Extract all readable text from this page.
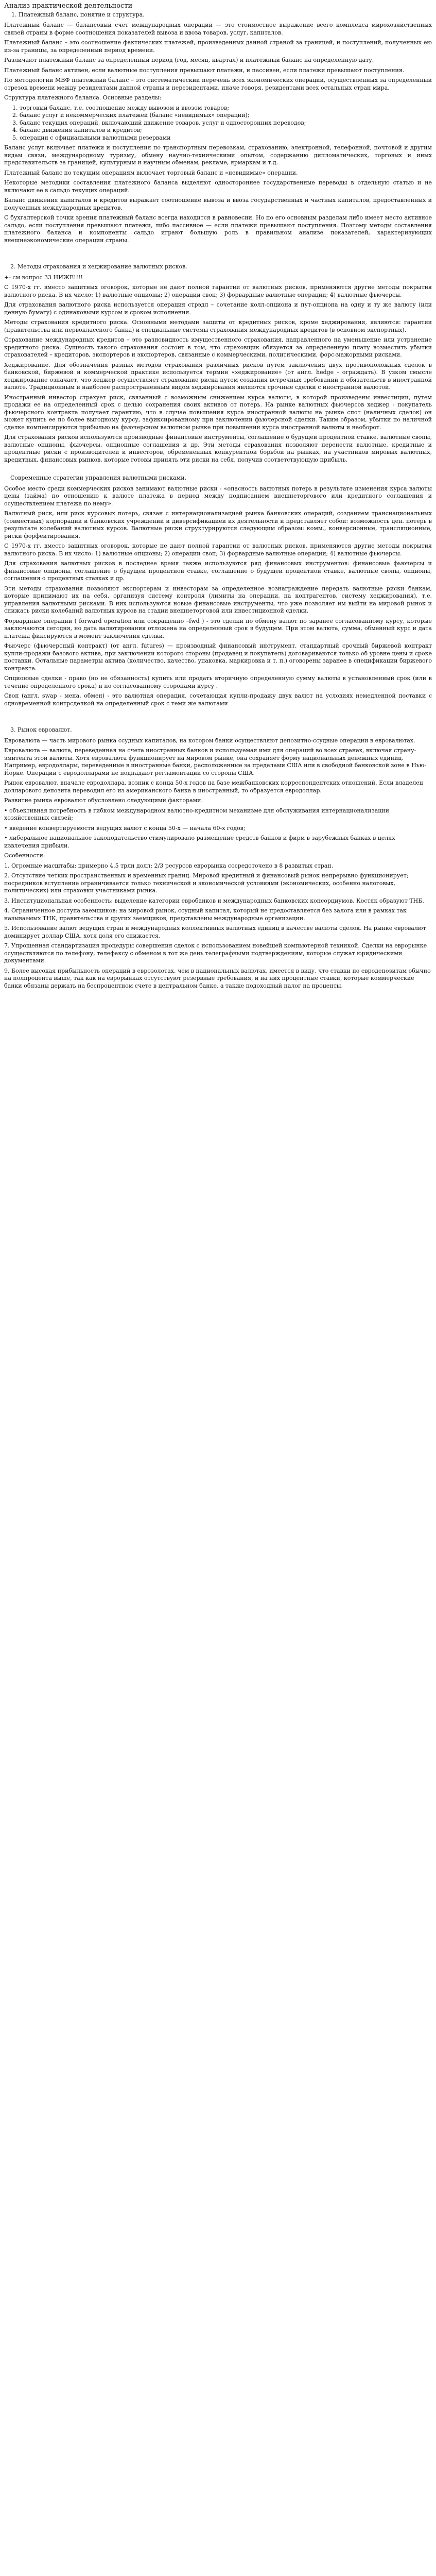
Анализ практической деятельности
1. Платежный баланс, понятие и структура.

Платежный баланс — балансовый счет международных операций — это стоимостное выражение всего комплекса мирохозяйственных связей страны в форме соотношения показателей вывоза и ввоза товаров, услуг, капиталов.

Платежный баланс – это соотношение фактических платежей, произведенных данной страной за границей, и поступлений, полученных ею из-за границы, за определенный период времени.

Различают платежный баланс за определенный период (год, месяц, квартал) и платежный баланс на определенную дату.

Платежный баланс активен, если валютные поступления превышают платежи, и пассивен, если платежи превышают поступления.

По методологии МВФ платежный баланс – это систематический перечень всех экономических операций, осуществленных за определенный отрезок времени между резидентами данной страны и нерезидентами, иначе говоря, резидентами всех остальных стран мира.

Структура платежного баланса. Основные разделы:

1. торговый баланс, т.е. соотношение между вывозом и ввозом товаров;
2. баланс услуг и некоммерческих платежей (баланс «невидимых» операций);
3. баланс текущих операций, включающий движение товаров, услуг и односторонних переводов;
4. баланс движения капиталов и кредитов;
5. операции с официальными валютными резервами

Баланс услуг включает платежи и поступления по транспортным перевозкам, страхованию, электронной, телефонной, почтовой и другим видам связи, международному туризму, обмену научно-техническими опытом, содержанию дипломатических, торговых и иных представительств за границей, культурным и научным обменам, рекламе, ярмаркам и т.д.

Платежный баланс по текущим операциям включает торговый баланс и «невидимые» операции.

Некоторые методики составления платежного баланса выделяют одностороннее государственные переводы в отдельную статью и не включают ее в сальдо текущих операций.

Баланс движения капиталов и кредитов выражает соотношение вывоза и ввоза государственных и частных капиталов, предоставленных и полученных международных кредитов.

С бухгалтерской точки зрения платежный баланс всегда находится в равновесии. Но по его основным разделам либо имеет место активное сальдо, если поступления превышают платежи, либо пассивное — если платежи превышают поступления. Поэтому методы составления платежного баланса и компоненты сальдо играют большую роль в правильном анализе показателей, характеризующих внешнеэкономические операции страны.

2. Методы страхования и хеджирование валютных рисков.

+- см вопрос 33 НИЖЕ!!!!

С 1970-х гг. вместо защитных оговорок, которые не дают полной гарантии от валютных рисков, применяются другие методы покрытия валютного риска. В их число: 1) валютные опционы; 2) операции своп; 3) форвардные валютные операции; 4) валютные фьючерсы.

Для страхования валютного риска используется операция стрэдл – сочетание колл-опциона и пут-опциона на одну и ту же валюту (или ценную бумагу) с одинаковыми курсом и сроком исполнения.

Методы страхования кредитного риска. Основными методами защиты от кредитных рисков, кроме хеджирования, являются: гарантии (правительства или первоклассного банка) и специальные системы страхования международных кредитов (в основном экспортных).

Страхование международных кредитов – это разновидность имущественного страхования, направленного на уменьшение или устранение кредитного риска. Сущность такого страхования состоит в том, что страховщик обязуется за определенную плату возместить убытки страхователей – кредиторов, экспортеров и экспортеров, связанные с коммерческими, политическими, форс-мажорными рисками.

Хеджирование. Для обозначения разных методов страхования различных рисков путем заключения двух противоположных сделок в банковской, биржевой и коммерческой практике используется термин «хеджирование» (от англ. hedge - ограждать). В узком смысле хеджирование означает, что хеджер осуществляет страхование риска путем создания встречных требований и обязательств в иностранной валюте. Традиционным и наиболее распространенным видом хеджирования являются срочные сделки с иностранной валютой.

Иностранный инвестор страхует риск, связанный с возможным снижением курса валюты, в которой произведены инвестиции, путем продажи ее на определенный срок с целью сохранения своих активов от потерь. На рынке валютных фьючерсов хеджер - покупатель фьючерсного контракта получает гарантию, что в случае повышения курса иностранной валюты на рынке спот (наличных сделок) он может купить ее по более выгодному курсу, зафиксированному при заключении фьючерсной сделки. Таким образом, убытки по наличной сделке компенсируются прибылью на фьючерсном валютном рынке при повышении курса иностранной валюты и наоборот.

Для страхования рисков используются производные финансовые инструменты, соглашение о будущей процентной ставке, валютные свопы, валютные опционы, фьючерсы, опционные соглашения и др. Эти методы страхования позволяют перенести валютные, кредитные и процентные риски с производителей и инвесторов, обремененных конкурентной борьбой на рынках, на участников мировых валютных, кредитных, финансовых рынков, которые готовы принять эти риски на себя, получив соответствующую прибыль.

Современные стратегии управления валютными рисками.

Особое место среди коммерческих рисков занимают валютные риски - «опасность валютных потерь в результате изменения курса валюты цены (займа) по отношению к валюте платежа в период между подписанием внешнеторгового или кредитного соглашения и осуществлением платежа по нему».

Валютный риск, или риск курсовых потерь, связан с интернационализацией рынка банковских операций, созданием транснациональных (совместных) корпораций и банковских учреждений и диверсификацией их деятельности и представляет собой: возможность ден. потерь в результате колебаний валютных курсов. Валютные риски структурируются следующим образом: комм., конверсионные, трансляционные, риски форфейтирования.

С 1970-х гг. вместо защитных оговорок, которые не дают полной гарантии от валютных рисков, применяются другие методы покрытия валютного риска. В их число: 1) валютные опционы; 2) операции своп; 3) форвардные валютные операции; 4) валютные фьючерсы.

Для страхования валютных рисков в последнее время также используются ряд финансовых инструментов: финансовые фьючерсы и финансовые опционы, соглашение о будущей процентной ставке, соглашение о будущей процентной ставке, валютные свопы, опционы, соглашения о процентных ставках и др.

Эти методы страхования позволяют экспортерам и инвесторам за определенное вознаграждение передать валютные риски банкам, которые принимают их на себя, организуя систему контроля (лимиты на операции, на контрагентов, систему хеджирования), т.е. управления валютными рисками. В них используются новые финансовые инструменты, что уже позволяет им выйти на мировой рынок и снижать риски колебаний валютных курсов на стадии внешнеторговой или инвестиционной сделки.

Форвардные операции ( forward operation или сокращенно –fwd ) - это сделки по обмену валют по заранее согласованному курсу, которые заключаются сегодня, но дата валютирования отложена на определенный срок в будущем. При этом валюта, сумма, обменный курс и дата платежа фиксируются в момент заключения сделки.

Фьючерс (фьючерсный контракт) (от англ. futures) — производный финансовый инструмент, стандартный срочный биржевой контракт купли-продажи базового актива, при заключении которого стороны (продавец и покупатель) договариваются только об уровне цены и сроке поставки. Остальные параметры актива (количество, качество, упаковка, маркировка и т. п.) оговорены заранее в спецификации биржевого контракта.

Опционные сделки - право (но не обязанность) купить или продать вторичную определенную сумму валюты в установленный срок (или в течение определенного срока) и по согласованному сторонами курсу .

Своп (англ. swap - мена, обмен) - это валютная операция, сочетающая купли-продажу двух валют на условиях немедленной поставки с одновременной контрсделкой на определенный срок с теми же валютами

3. Рынок евровалют.

Евровалюта — часть мирового рынка ссудных капиталов, на котором банки осуществляют депозитно-ссудные операции в евровалютах.

Евровалюта — валюта, переведенная на счета иностранных банков и используемая ими для операций во всех странах, включая страну-эмитента этой валюты. Хотя евровалюта функционирует на мировом рынке, она сохраняет форму национальных денежных единиц. Например, евродоллары, переведенные в иностранные банки, расположенные за пределами США или в свободной банковской зоне в Нью-Йорке. Операции с евродолларами не подпадают регламентации со стороны США.

Рынок евровалют, вначале евродоллара, возник с конца 50-х годов на базе межбанковских корреспондентских отношений. Если владелец долларового депозита переводил его из американского банка в иностранный, то образуется евродоллар.

Развитие рынка евровалют обусловлено следующими факторами:

• объективная потребность в гибком международном валютно-кредитном механизме для обслуживания интернационализации хозяйственных связей;

• введение конвертируемости ведущих валют с конца 50-х — начала 60-х годов;

• либеральное национальное законодательство стимулировало размещение средств банков и фирм в зарубежных банках в целях извлечения прибыли.

Особенности:

1. Огромные масштабы: примерно 4.5 трлн долл; 2/3 ресурсов еврорынка сосредоточено в 8 развитых стран.

2. Отсутствие четких пространственных и временных границ. Мировой кредитный и финансовый рынок непрерывно функционирует; посредников вступление ограничивается только технической и экономической условиями (экономических, особенно налоговых, политических) или страховки участниками рынка.

3. Институциональная особенность: выделение категории евробанков и международных банковских консорциумов. Костяк образуют ТНБ.

4. Ограниченное доступа заемщиков: на мировой рынок, ссудный капитал, который не предоставляется без залога или в рамках так называемых ТНК, правительства и других заемщиков, представлены международные организации.

5. Использование валют ведущих стран и международных коллективных валютных единиц в качестве валюты сделок. На рынке евровалют доминирует доллар США, хотя доля его снижается.

7. Упрощенная стандартизация процедуры совершения сделок с использованием новейшей компьютерной техникой. Сделки на еврорынке осуществляются по телефону, телефаксу с обменом в тот же день телеграфными подтверждениям, которые служат юридическими документами.

9. Более высокая прибыльность операций в еврозолотах, чем в национальных валютах, имеется в виду, что ставки по евродепозитам обычно на полпроцента выше, так как на еврорынках отсутствуют резервные требования, и на них процентные ставки, которые коммерческие банки обязаны держать на беспроцентном счете в центральном банке, а также подоходный налог на проценты.
